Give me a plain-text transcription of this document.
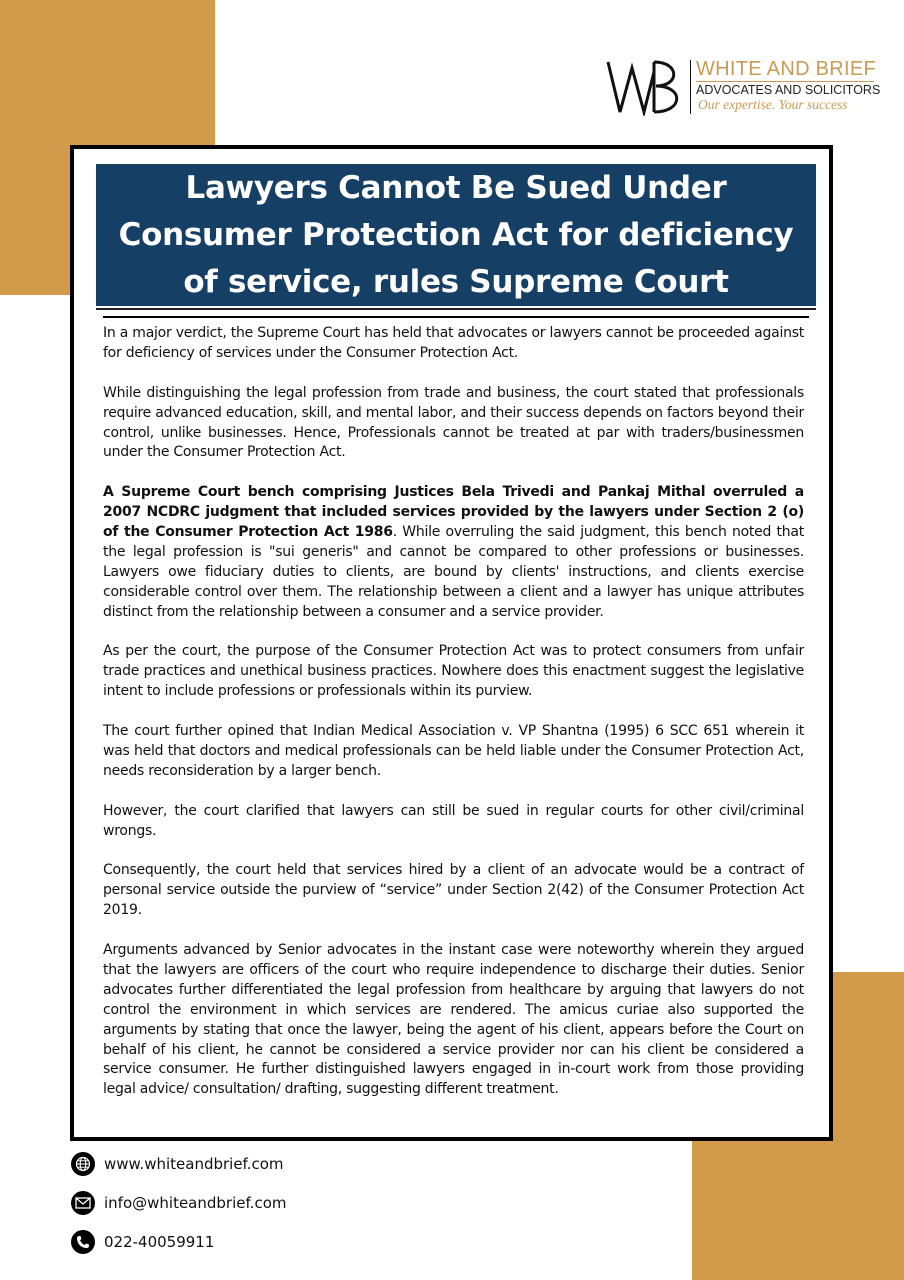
WHITE AND BRIEF
ADVOCATES AND SOLICITORS
Our expertise. Your success
Lawyers Cannot Be Sued Under
Consumer Protection Act for deficiency
of service, rules Supreme Court

In a major verdict, the Supreme Court has held that advocates or lawyers cannot be proceeded against for deficiency of services under the Consumer Protection Act.

While distinguishing the legal profession from trade and business, the court stated that professionals require advanced education, skill, and mental labor, and their success depends on factors beyond their control, unlike businesses. Hence, Professionals cannot be treated at par with traders/businessmen under the Consumer Protection Act.

A Supreme Court bench comprising Justices Bela Trivedi and Pankaj Mithal overruled a 2007 NCDRC judgment that included services provided by the lawyers under Section 2 (o) of the Consumer Protection Act 1986. While overruling the said judgment, this bench noted that the legal profession is "sui generis" and cannot be compared to other professions or businesses. Lawyers owe fiduciary duties to clients, are bound by clients' instructions, and clients exercise considerable control over them. The relationship between a client and a lawyer has unique attributes distinct from the relationship between a consumer and a service provider.

As per the court, the purpose of the Consumer Protection Act was to protect consumers from unfair trade practices and unethical business practices. Nowhere does this enactment suggest the legislative intent to include professions or professionals within its purview.

The court further opined that Indian Medical Association v. VP Shantna (1995) 6 SCC 651 wherein it was held that doctors and medical professionals can be held liable under the Consumer Protection Act, needs reconsideration by a larger bench.

However, the court clarified that lawyers can still be sued in regular courts for other civil/criminal wrongs.

Consequently, the court held that services hired by a client of an advocate would be a contract of personal service outside the purview of “service” under Section 2(42) of the Consumer Protection Act 2019.

Arguments advanced by Senior advocates in the instant case were noteworthy wherein they argued that the lawyers are officers of the court who require independence to discharge their duties. Senior advocates further differentiated the legal profession from healthcare by arguing that lawyers do not control the environment in which services are rendered. The amicus curiae also supported the arguments by stating that once the lawyer, being the agent of his client, appears before the Court on behalf of his client, he cannot be considered a service provider nor can his client be considered a service consumer. He further distinguished lawyers engaged in in-court work from those providing legal advice/ consultation/ drafting, suggesting different treatment.

www.whiteandbrief.com
info@whiteandbrief.com
022-40059911
